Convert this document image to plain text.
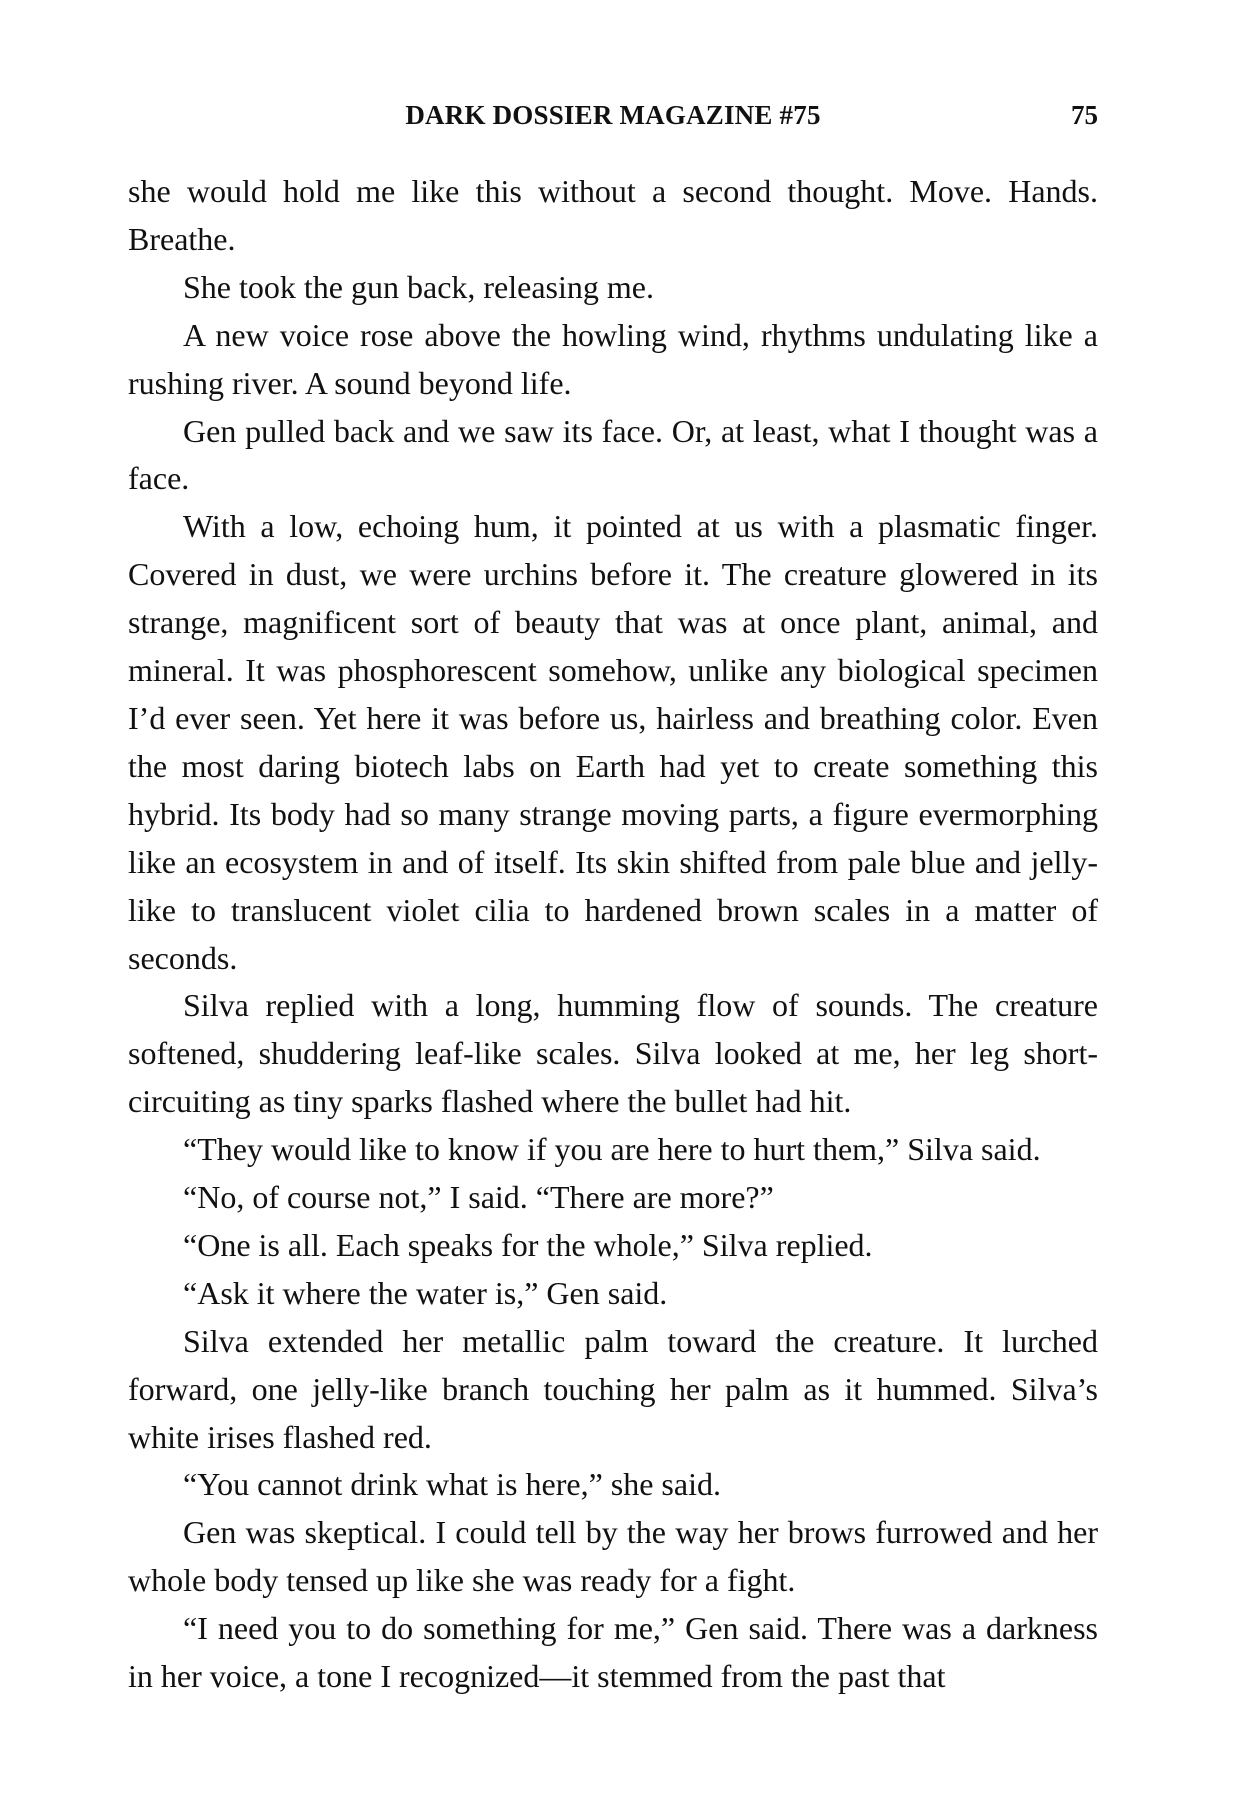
DARK DOSSIER MAGAZINE #75	75

she would hold me like this without a second thought. Move. Hands. Breathe.

She took the gun back, releasing me.

A new voice rose above the howling wind, rhythms undulating like a rushing river. A sound beyond life.

Gen pulled back and we saw its face. Or, at least, what I thought was a face.

With a low, echoing hum, it pointed at us with a plasmatic finger. Covered in dust, we were urchins before it. The creature glowered in its strange, magnificent sort of beauty that was at once plant, animal, and mineral. It was phosphorescent somehow, unlike any biological specimen I’d ever seen. Yet here it was before us, hairless and breathing color. Even the most daring biotech labs on Earth had yet to create something this hybrid. Its body had so many strange moving parts, a figure evermorphing like an ecosystem in and of itself. Its skin shifted from pale blue and jelly-like to translucent violet cilia to hardened brown scales in a matter of seconds.

Silva replied with a long, humming flow of sounds. The creature softened, shuddering leaf-like scales. Silva looked at me, her leg short-circuiting as tiny sparks flashed where the bullet had hit.

“They would like to know if you are here to hurt them,” Silva said.

“No, of course not,” I said. “There are more?”

“One is all. Each speaks for the whole,” Silva replied.

“Ask it where the water is,” Gen said.

Silva extended her metallic palm toward the creature. It lurched forward, one jelly-like branch touching her palm as it hummed. Silva’s white irises flashed red.

“You cannot drink what is here,” she said.

Gen was skeptical. I could tell by the way her brows furrowed and her whole body tensed up like she was ready for a fight.

“I need you to do something for me,” Gen said. There was a darkness in her voice, a tone I recognized—it stemmed from the past that
